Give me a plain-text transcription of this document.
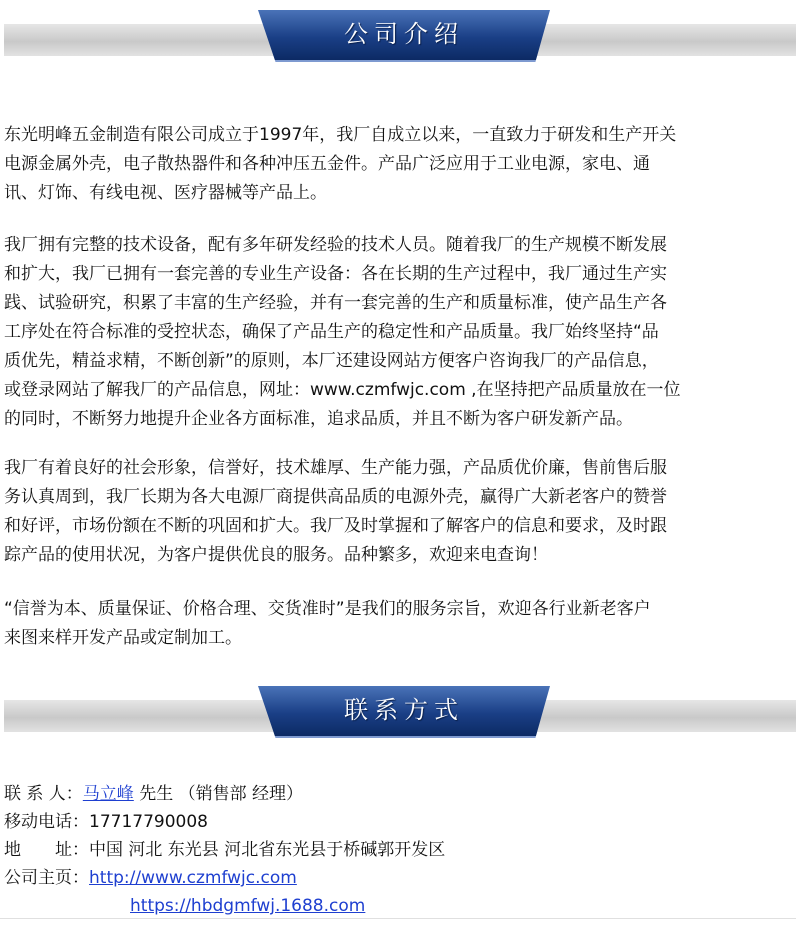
公司介绍

东光明峰五金制造有限公司成立于1997年，我厂自成立以来，一直致力于研发和生产开关
电源金属外壳，电子散热器件和各种冲压五金件。产品广泛应用于工业电源，家电、通
讯、灯饰、有线电视、医疗器械等产品上。

我厂拥有完整的技术设备，配有多年研发经验的技术人员。随着我厂的生产规模不断发展
和扩大，我厂已拥有一套完善的专业生产设备：各在长期的生产过程中，我厂通过生产实
践、试验研究，积累了丰富的生产经验，并有一套完善的生产和质量标准，使产品生产各
工序处在符合标准的受控状态，确保了产品生产的稳定性和产品质量。我厂始终坚持“品
质优先，精益求精，不断创新”的原则，本厂还建设网站方便客户咨询我厂的产品信息，
或登录网站了解我厂的产品信息，网址：www.czmfwjc.com ,在坚持把产品质量放在一位
的同时，不断努力地提升企业各方面标准，追求品质，并且不断为客户研发新产品。

我厂有着良好的社会形象，信誉好，技术雄厚、生产能力强，产品质优价廉，售前售后服
务认真周到，我厂长期为各大电源厂商提供高品质的电源外壳，赢得广大新老客户的赞誉
和好评，市场份额在不断的巩固和扩大。我厂及时掌握和了解客户的信息和要求，及时跟
踪产品的使用状况，为客户提供优良的服务。品种繁多，欢迎来电查询！

“信誉为本、质量保证、价格合理、交货准时”是我们的服务宗旨，欢迎各行业新老客户
来图来样开发产品或定制加工。

联系方式
联 系 人：马立峰 先生 （销售部 经理）
移动电话：17717790008
地　　址：中国 河北 东光县 河北省东光县于桥碱郭开发区
公司主页：http://www.czmfwjc.com
https://hbdgmfwj.1688.com
